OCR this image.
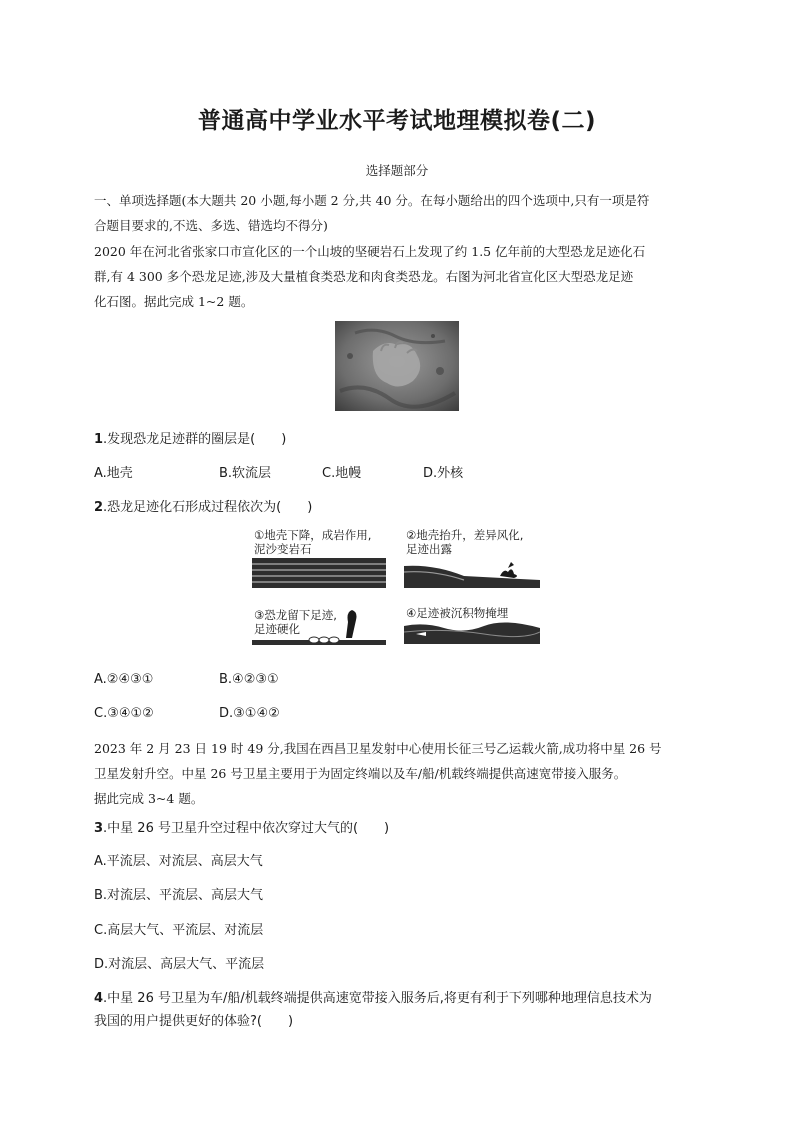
普通高中学业水平考试地理模拟卷(二)
选择题部分
一、单项选择题(本大题共 20 小题,每小题 2 分,共 40 分。在每小题给出的四个选项中,只有一项是符
合题目要求的,不选、多选、错选均不得分)
2020 年在河北省张家口市宣化区的一个山坡的坚硬岩石上发现了约 1.5 亿年前的大型恐龙足迹化石
群,有 4 300 多个恐龙足迹,涉及大量植食类恐龙和肉食类恐龙。右图为河北省宣化区大型恐龙足迹
化石图。据此完成 1~2 题。
1.发现恐龙足迹群的圈层是(　　)
A.地壳	B.软流层	C.地幔	D.外核
2.恐龙足迹化石形成过程依次为(　　)
①地壳下降，成岩作用,
泥沙变岩石
②地壳抬升，差异风化,
足迹出露
③恐龙留下足迹,
足迹硬化
④足迹被沉积物掩埋
A.②④③①	B.④②③①
C.③④①②	D.③①④②
2023 年 2 月 23 日 19 时 49 分,我国在西昌卫星发射中心使用长征三号乙运载火箭,成功将中星 26 号
卫星发射升空。中星 26 号卫星主要用于为固定终端以及车/船/机载终端提供高速宽带接入服务。
据此完成 3~4 题。
3.中星 26 号卫星升空过程中依次穿过大气的(　　)
A.平流层、对流层、高层大气
B.对流层、平流层、高层大气
C.高层大气、平流层、对流层
D.对流层、高层大气、平流层
4.中星 26 号卫星为车/船/机载终端提供高速宽带接入服务后,将更有利于下列哪种地理信息技术为
我国的用户提供更好的体验?(　　)
